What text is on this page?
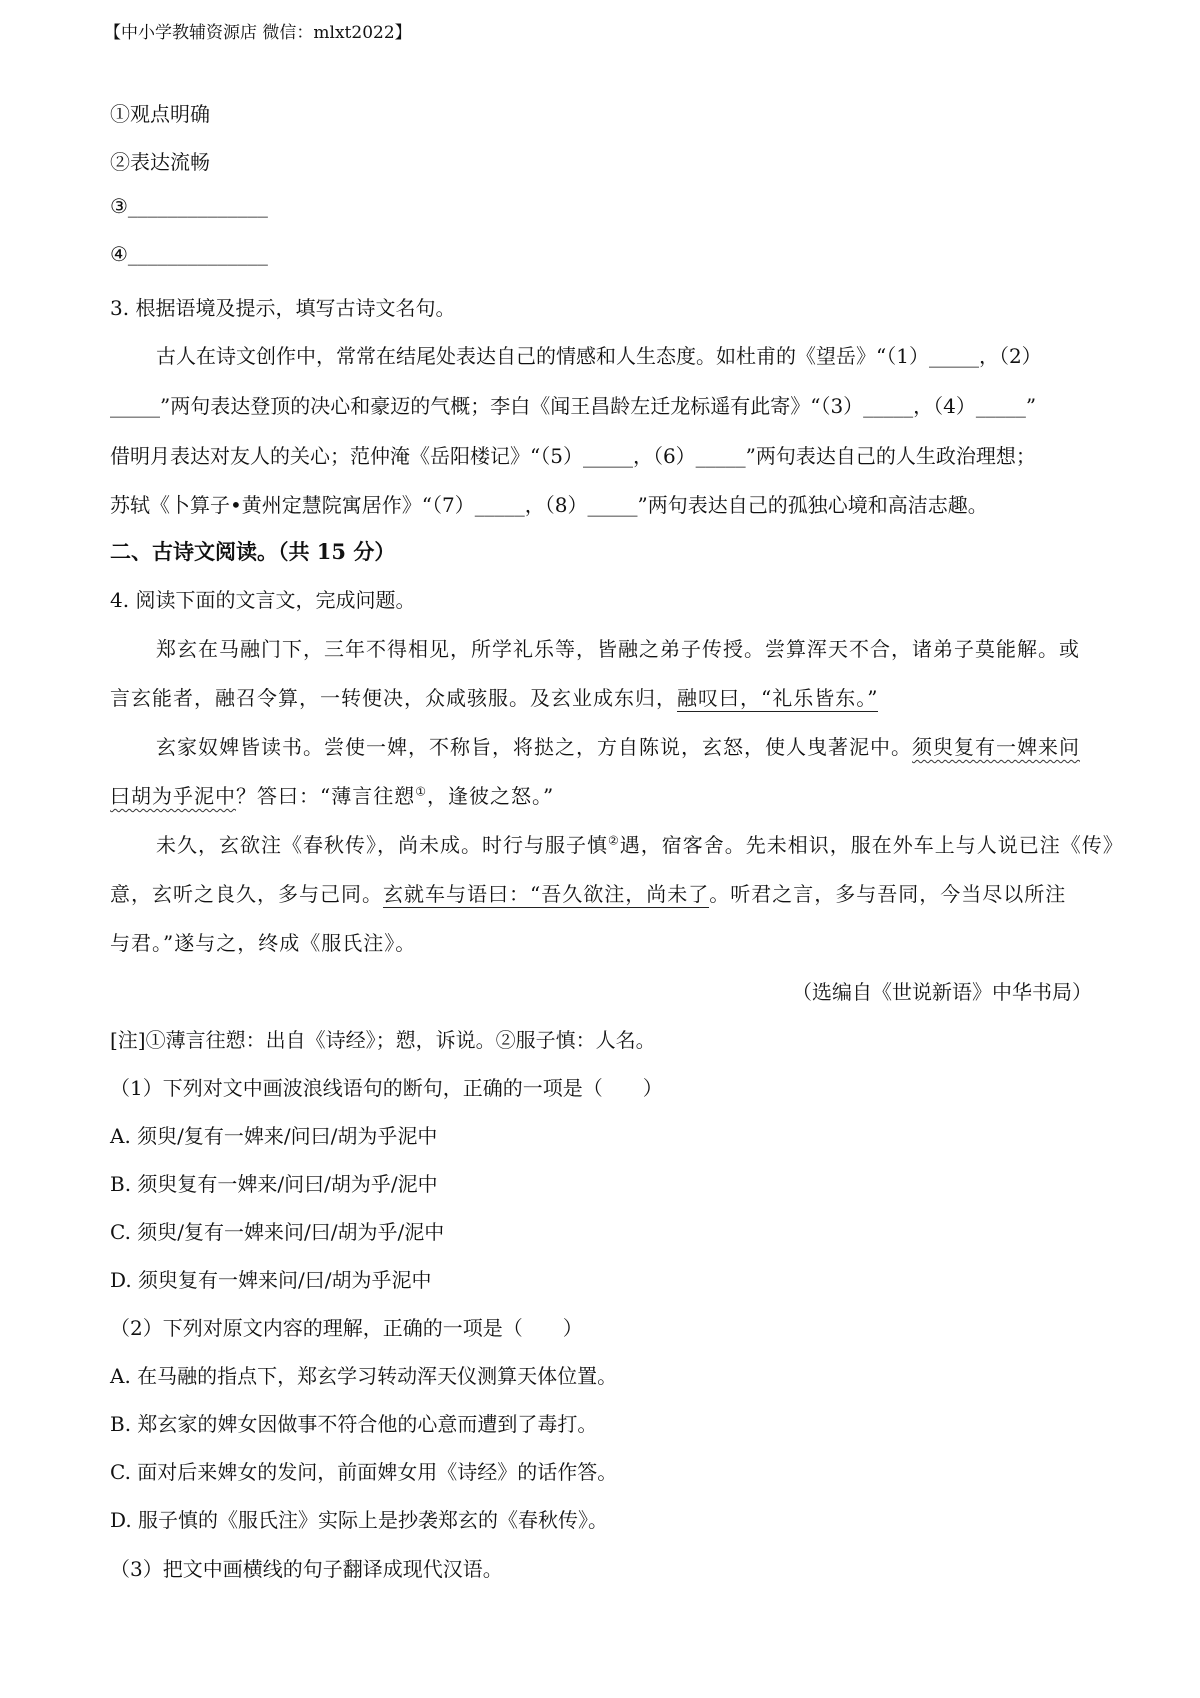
【中小学教辅资源店 微信：mlxt2022】
①观点明确
②表达流畅
③______________
④______________
3. 根据语境及提示，填写古诗文名句。
古人在诗文创作中，常常在结尾处表达自己的情感和人生态度。如杜甫的《望岳》“（1）_____，（2）
_____”两句表达登顶的决心和豪迈的气概；李白《闻王昌龄左迁龙标遥有此寄》“（3）_____，（4）_____”
借明月表达对友人的关心；范仲淹《岳阳楼记》“（5）_____，（6）_____”两句表达自己的人生政治理想；
苏轼《卜算子•黄州定慧院寓居作》“（7）_____，（8）_____”两句表达自己的孤独心境和高洁志趣。
二、古诗文阅读。（共 15 分）
4. 阅读下面的文言文，完成问题。
郑玄在马融门下，三年不得相见，所学礼乐等，皆融之弟子传授。尝算浑天不合，诸弟子莫能解。或
言玄能者，融召令算，一转便决，众咸骇服。及玄业成东归，融叹曰，“礼乐皆东。”
玄家奴婢皆读书。尝使一婢，不称旨，将挞之，方自陈说，玄怒，使人曳著泥中。须臾复有一婢来问
曰胡为乎泥中？答曰：“薄言往愬①，逢彼之怒。”
未久，玄欲注《春秋传》，尚未成。时行与服子慎②遇，宿客舍。先未相识，服在外车上与人说已注《传》
意，玄听之良久，多与己同。玄就车与语曰：“吾久欲注，尚未了。听君之言，多与吾同，今当尽以所注
与君。”遂与之，终成《服氏注》。
（选编自《世说新语》中华书局）
[注]①薄言往愬：出自《诗经》；愬，诉说。②服子慎：人名。
（1）下列对文中画波浪线语句的断句，正确的一项是（　　）
A. 须臾/复有一婢来/问曰/胡为乎泥中
B. 须臾复有一婢来/问曰/胡为乎/泥中
C. 须臾/复有一婢来问/曰/胡为乎/泥中
D. 须臾复有一婢来问/曰/胡为乎泥中
（2）下列对原文内容的理解，正确的一项是（　　）
A. 在马融的指点下，郑玄学习转动浑天仪测算天体位置。
B. 郑玄家的婢女因做事不符合他的心意而遭到了毒打。
C. 面对后来婢女的发问，前面婢女用《诗经》的话作答。
D. 服子慎的《服氏注》实际上是抄袭郑玄的《春秋传》。
（3）把文中画横线的句子翻译成现代汉语。
